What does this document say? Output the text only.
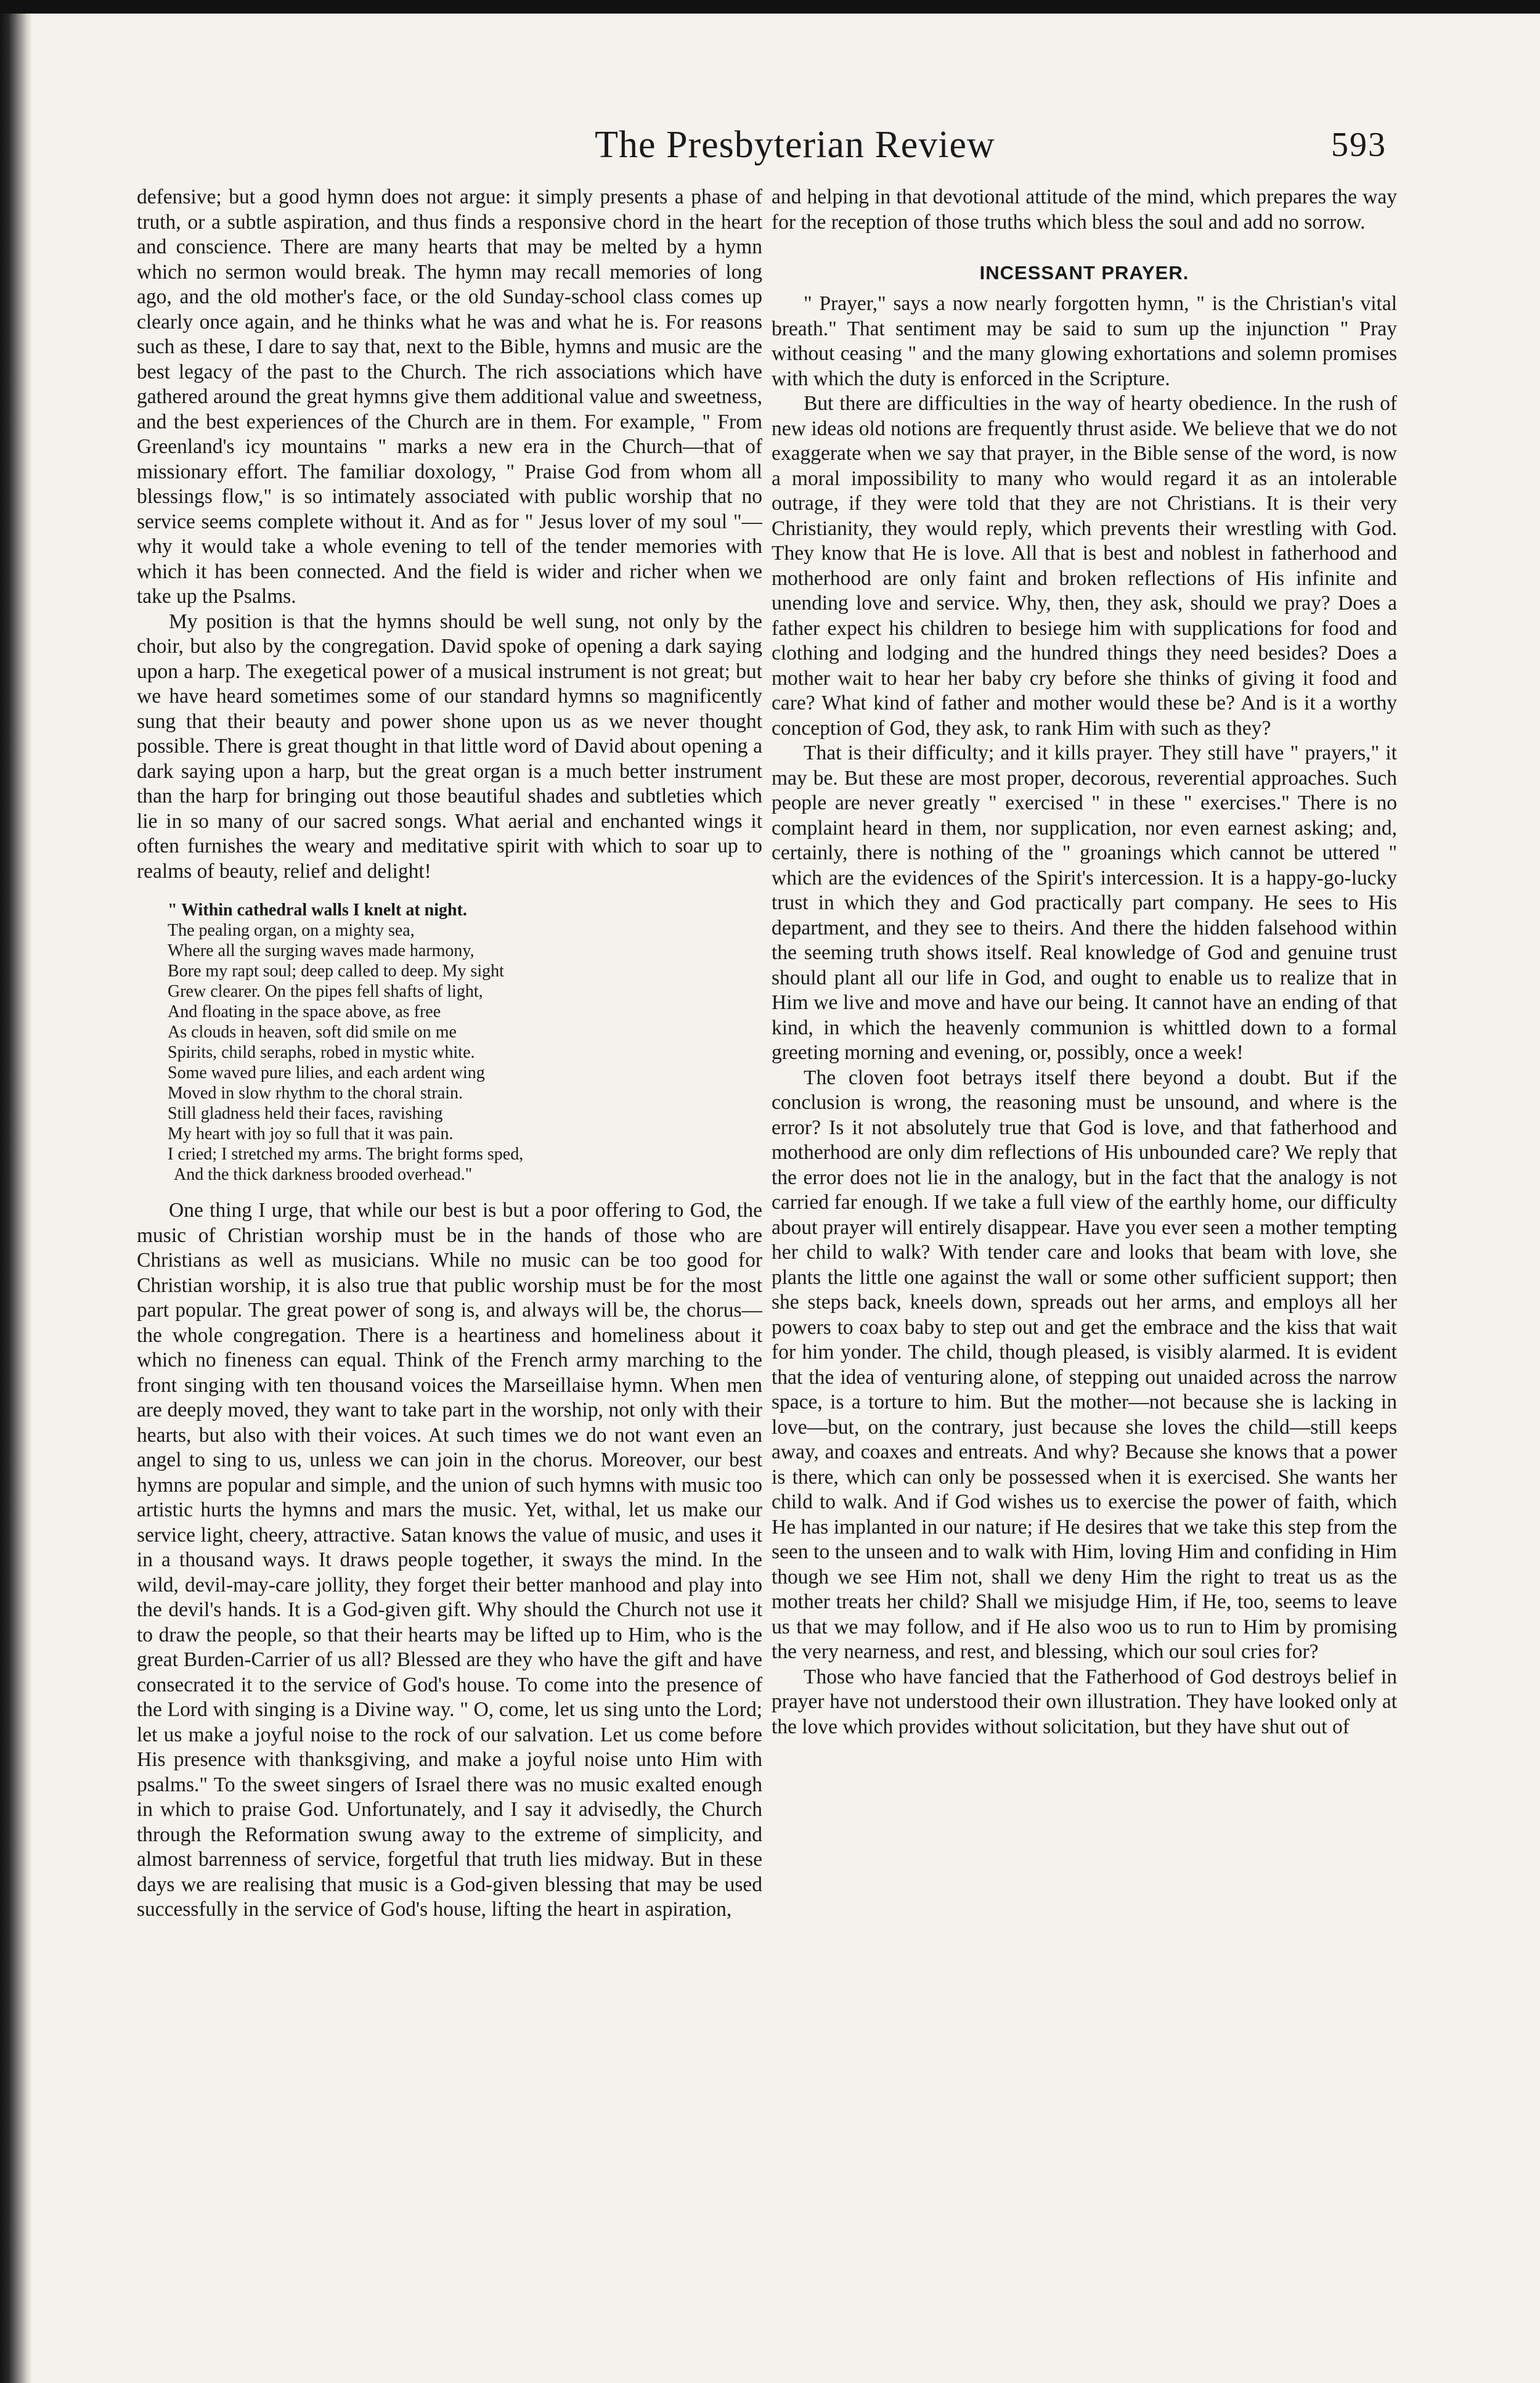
The Presbyterian Review	593

defensive; but a good hymn does not argue: it simply presents a phase of truth, or a subtle aspiration, and thus finds a responsive chord in the heart and conscience. There are many hearts that may be melted by a hymn which no sermon would break. The hymn may recall memories of long ago, and the old mother's face, or the old Sunday-school class comes up clearly once again, and he thinks what he was and what he is. For reasons such as these, I dare to say that, next to the Bible, hymns and music are the best legacy of the past to the Church. The rich associations which have gathered around the great hymns give them additional value and sweetness, and the best experiences of the Church are in them. For example, " From Greenland's icy mountains " marks a new era in the Church—that of missionary effort. The familiar doxology, " Praise God from whom all blessings flow," is so intimately associated with public worship that no service seems complete without it. And as for " Jesus lover of my soul "—why it would take a whole evening to tell of the tender memories with which it has been connected. And the field is wider and richer when we take up the Psalms.

My position is that the hymns should be well sung, not only by the choir, but also by the congregation. David spoke of opening a dark saying upon a harp. The exegetical power of a musical instrument is not great; but we have heard sometimes some of our standard hymns so magnificently sung that their beauty and power shone upon us as we never thought possible. There is great thought in that little word of David about opening a dark saying upon a harp, but the great organ is a much better instrument than the harp for bringing out those beautiful shades and subtleties which lie in so many of our sacred songs. What aerial and enchanted wings it often furnishes the weary and meditative spirit with which to soar up to realms of beauty, relief and delight!

" Within cathedral walls I knelt at night.
The pealing organ, on a mighty sea,
Where all the surging waves made harmony,
Bore my rapt soul; deep called to deep. My sight
Grew clearer. On the pipes fell shafts of light,
And floating in the space above, as free
As clouds in heaven, soft did smile on me
Spirits, child seraphs, robed in mystic white.
Some waved pure lilies, and each ardent wing
Moved in slow rhythm to the choral strain.
Still gladness held their faces, ravishing
My heart with joy so full that it was pain.
I cried; I stretched my arms. The bright forms sped,
And the thick darkness brooded overhead."

One thing I urge, that while our best is but a poor offering to God, the music of Christian worship must be in the hands of those who are Christians as well as musicians. While no music can be too good for Christian worship, it is also true that public worship must be for the most part popular. The great power of song is, and always will be, the chorus—the whole congregation. There is a heartiness and homeliness about it which no fineness can equal. Think of the French army marching to the front singing with ten thousand voices the Marseillaise hymn. When men are deeply moved, they want to take part in the worship, not only with their hearts, but also with their voices. At such times we do not want even an angel to sing to us, unless we can join in the chorus. Moreover, our best hymns are popular and simple, and the union of such hymns with music too artistic hurts the hymns and mars the music. Yet, withal, let us make our service light, cheery, attractive. Satan knows the value of music, and uses it in a thousand ways. It draws people together, it sways the mind. In the wild, devil-may-care jollity, they forget their better manhood and play into the devil's hands. It is a God-given gift. Why should the Church not use it to draw the people, so that their hearts may be lifted up to Him, who is the great Burden-Carrier of us all? Blessed are they who have the gift and have consecrated it to the service of God's house. To come into the presence of the Lord with singing is a Divine way. " O, come, let us sing unto the Lord; let us make a joyful noise to the rock of our salvation. Let us come before His presence with thanksgiving, and make a joyful noise unto Him with psalms." To the sweet singers of Israel there was no music exalted enough in which to praise God. Unfortunately, and I say it advisedly, the Church through the Reformation swung away to the extreme of simplicity, and almost barrenness of service, forgetful that truth lies midway. But in these days we are realising that music is a God-given blessing that may be used successfully in the service of God's house, lifting the heart in aspiration,

and helping in that devotional attitude of the mind, which prepares the way for the reception of those truths which bless the soul and add no sorrow.

INCESSANT PRAYER.

" Prayer," says a now nearly forgotten hymn, " is the Christian's vital breath." That sentiment may be said to sum up the injunction " Pray without ceasing " and the many glowing exhortations and solemn promises with which the duty is enforced in the Scripture.

But there are difficulties in the way of hearty obedience. In the rush of new ideas old notions are frequently thrust aside. We believe that we do not exaggerate when we say that prayer, in the Bible sense of the word, is now a moral impossibility to many who would regard it as an intolerable outrage, if they were told that they are not Christians. It is their very Christianity, they would reply, which prevents their wrestling with God. They know that He is love. All that is best and noblest in fatherhood and motherhood are only faint and broken reflections of His infinite and unending love and service. Why, then, they ask, should we pray? Does a father expect his children to besiege him with supplications for food and clothing and lodging and the hundred things they need besides? Does a mother wait to hear her baby cry before she thinks of giving it food and care? What kind of father and mother would these be? And is it a worthy conception of God, they ask, to rank Him with such as they?

That is their difficulty; and it kills prayer. They still have " prayers," it may be. But these are most proper, decorous, reverential approaches. Such people are never greatly " exercised " in these " exercises." There is no complaint heard in them, nor supplication, nor even earnest asking; and, certainly, there is nothing of the " groanings which cannot be uttered " which are the evidences of the Spirit's intercession. It is a happy-go-lucky trust in which they and God practically part company. He sees to His department, and they see to theirs. And there the hidden falsehood within the seeming truth shows itself. Real knowledge of God and genuine trust should plant all our life in God, and ought to enable us to realize that in Him we live and move and have our being. It cannot have an ending of that kind, in which the heavenly communion is whittled down to a formal greeting morning and evening, or, possibly, once a week!

The cloven foot betrays itself there beyond a doubt. But if the conclusion is wrong, the reasoning must be unsound, and where is the error? Is it not absolutely true that God is love, and that fatherhood and motherhood are only dim reflections of His unbounded care? We reply that the error does not lie in the analogy, but in the fact that the analogy is not carried far enough. If we take a full view of the earthly home, our difficulty about prayer will entirely disappear. Have you ever seen a mother tempting her child to walk? With tender care and looks that beam with love, she plants the little one against the wall or some other sufficient support; then she steps back, kneels down, spreads out her arms, and employs all her powers to coax baby to step out and get the embrace and the kiss that wait for him yonder. The child, though pleased, is visibly alarmed. It is evident that the idea of venturing alone, of stepping out unaided across the narrow space, is a torture to him. But the mother—not because she is lacking in love—but, on the contrary, just because she loves the child—still keeps away, and coaxes and entreats. And why? Because she knows that a power is there, which can only be possessed when it is exercised. She wants her child to walk. And if God wishes us to exercise the power of faith, which He has implanted in our nature; if He desires that we take this step from the seen to the unseen and to walk with Him, loving Him and confiding in Him though we see Him not, shall we deny Him the right to treat us as the mother treats her child? Shall we misjudge Him, if He, too, seems to leave us that we may follow, and if He also woo us to run to Him by promising the very nearness, and rest, and blessing, which our soul cries for?

Those who have fancied that the Fatherhood of God destroys belief in prayer have not understood their own illustration. They have looked only at the love which provides without solicitation, but they have shut out of
